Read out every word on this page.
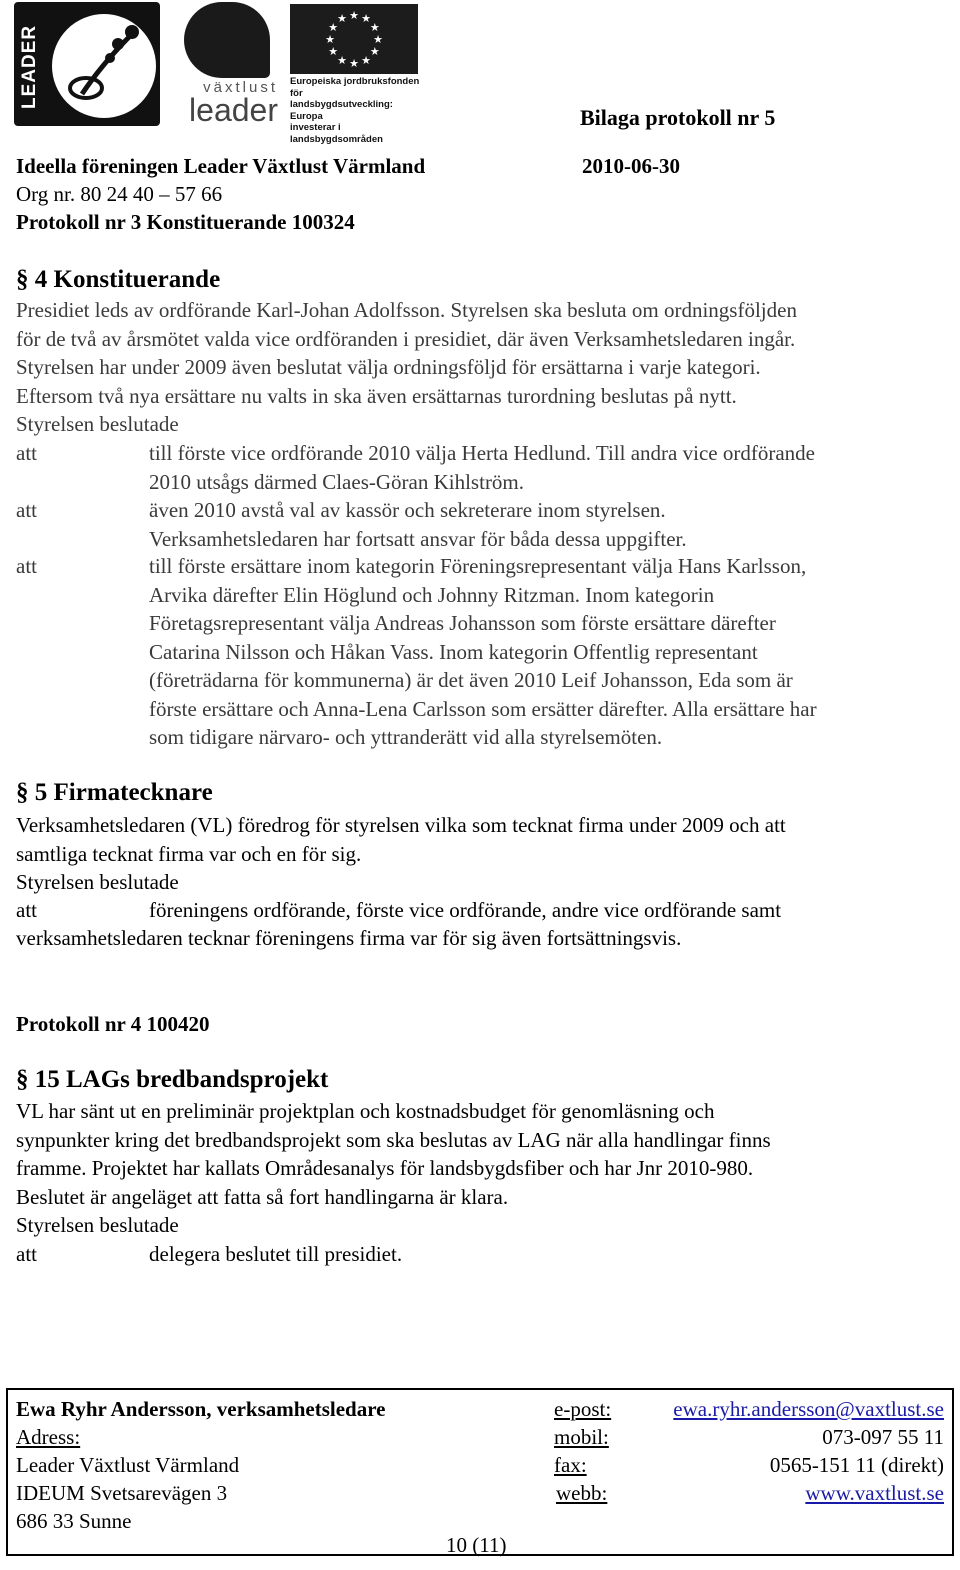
LEADER	växtlust
leader
★
★
★
★
★
★
★
★
★ ★ ★
★
Europeiska jordbruksfonden för
landsbygdsutveckling: Europa
investerar i landsbygdsområden
Bilaga protokoll nr 5
Ideella föreningen Leader Växtlust Värmland	2010-06-30
Org nr. 80 24 40 – 57 66
Protokoll nr 3 Konstituerande 100324
§ 4 Konstituerande
Presidiet leds av ordförande Karl-Johan Adolfsson. Styrelsen ska besluta om ordningsföljden
för de två av årsmötet valda vice ordföranden i presidiet, där även Verksamhetsledaren ingår.
Styrelsen har under 2009 även beslutat välja ordningsföljd för ersättarna i varje kategori.
Eftersom två nya ersättare nu valts in ska även ersättarnas turordning beslutas på nytt.
Styrelsen beslutade
att	till förste vice ordförande 2010 välja Herta Hedlund. Till andra vice ordförande
2010 utsågs därmed Claes-Göran Kihlström.
att	även 2010 avstå val av kassör och sekreterare inom styrelsen.
Verksamhetsledaren har fortsatt ansvar för båda dessa uppgifter.
att	till förste ersättare inom kategorin Föreningsrepresentant välja Hans Karlsson,
Arvika därefter Elin Höglund och Johnny Ritzman. Inom kategorin
Företagsrepresentant välja Andreas Johansson som förste ersättare därefter
Catarina Nilsson och Håkan Vass. Inom kategorin Offentlig representant
(företrädarna för kommunerna) är det även 2010 Leif Johansson, Eda som är
förste ersättare och Anna-Lena Carlsson som ersätter därefter. Alla ersättare har
som tidigare närvaro- och yttranderätt vid alla styrelsemöten.
§ 5 Firmatecknare
Verksamhetsledaren (VL) föredrog för styrelsen vilka som tecknat firma under 2009 och att
samtliga tecknat firma var och en för sig.
Styrelsen beslutade
att	föreningens ordförande, förste vice ordförande, andre vice ordförande samt
verksamhetsledaren tecknar föreningens firma var för sig även fortsättningsvis.
Protokoll nr 4 100420
§ 15 LAGs bredbandsprojekt
VL har sänt ut en preliminär projektplan och kostnadsbudget för genomläsning och
synpunkter kring det bredbandsprojekt som ska beslutas av LAG när alla handlingar finns
framme. Projektet har kallats Områdesanalys för landsbygdsfiber och har Jnr 2010-980.
Beslutet är angeläget att fatta så fort handlingarna är klara.
Styrelsen beslutade
att	delegera beslutet till presidiet.
Ewa Ryhr Andersson, verksamhetsledare
Adress:
Leader Växtlust Värmland
IDEUM Svetsarevägen 3
686 33 Sunne
e-post:	ewa.ryhr.andersson@vaxtlust.se
mobil:	073-097 55 11
fax:	0565-151 11 (direkt)
webb:	www.vaxtlust.se
10 (11)
